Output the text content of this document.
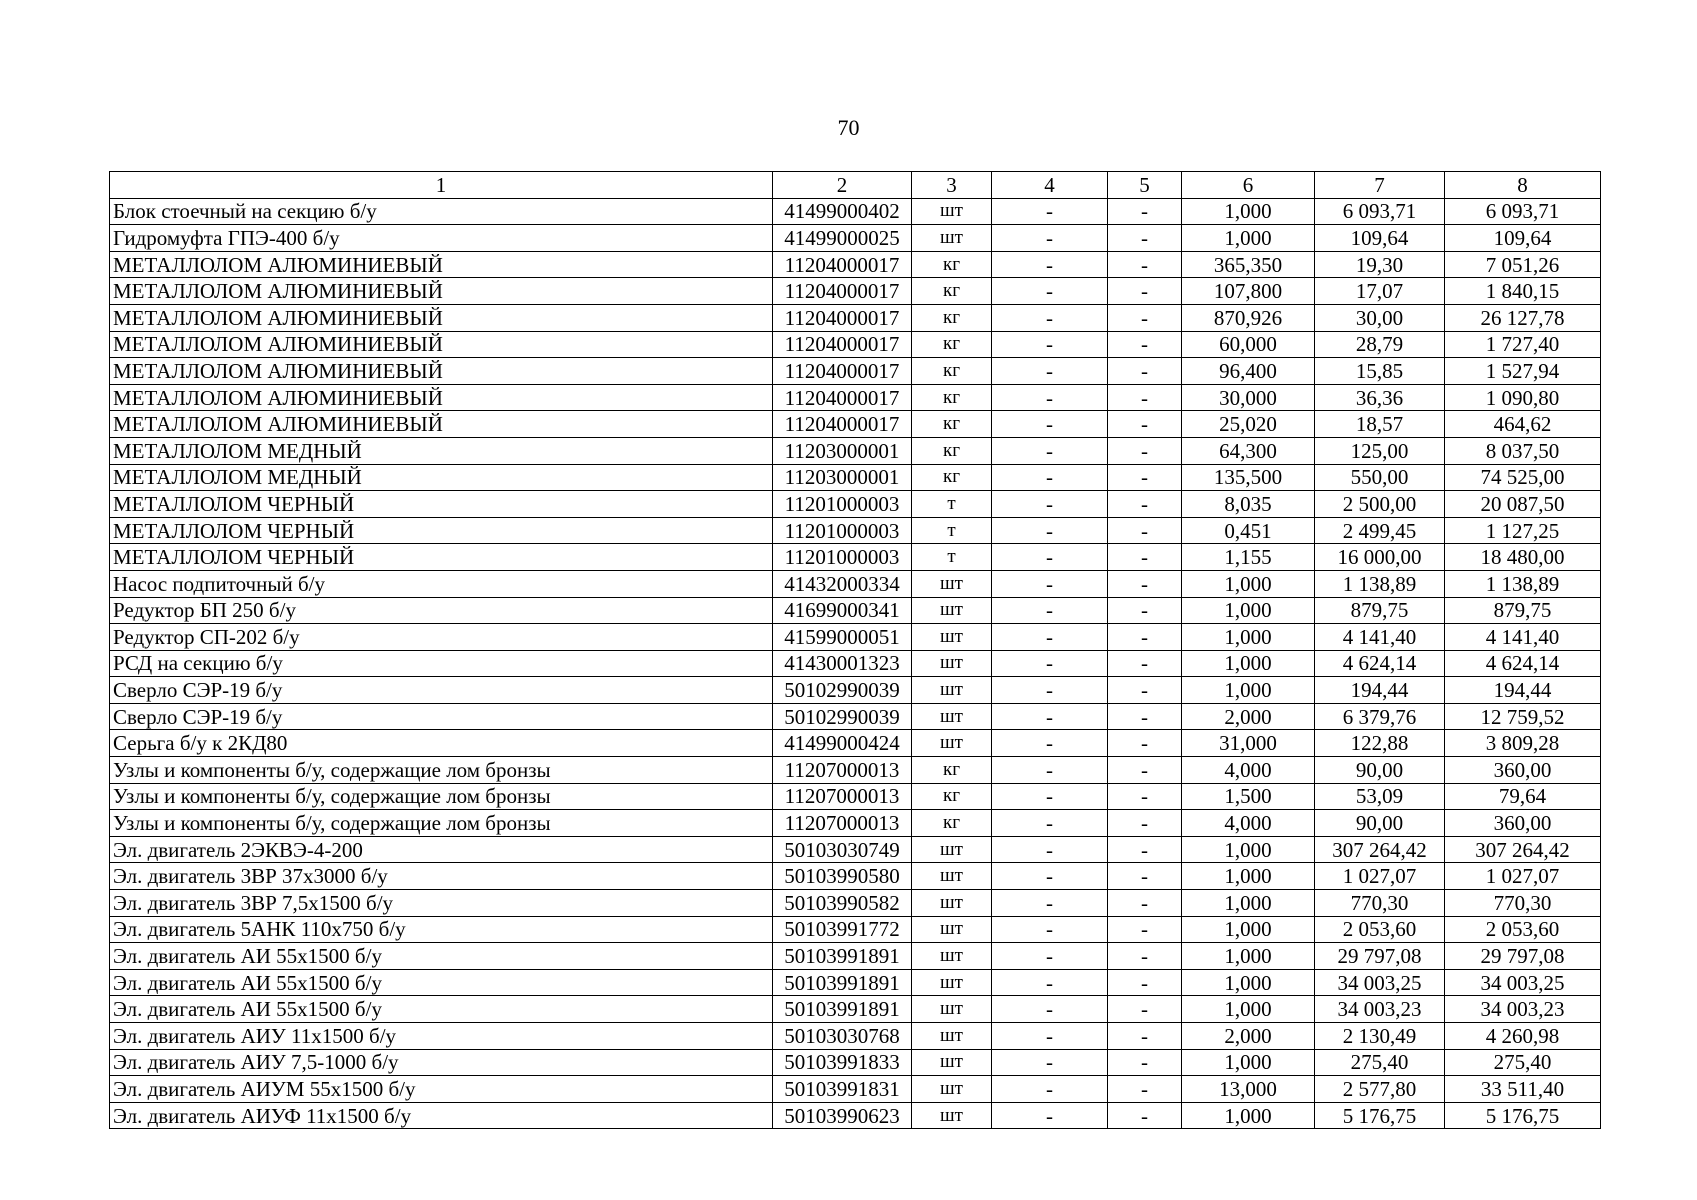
70
1	2	3	4	5	6	7	8
Блок стоечный на секцию б/у	41499000402	шт	-	-	1,000	6 093,71	6 093,71
Гидромуфта ГПЭ-400 б/у	41499000025	шт	-	-	1,000	109,64	109,64
МЕТАЛЛОЛОМ АЛЮМИНИЕВЫЙ	11204000017	кг	-	-	365,350	19,30	7 051,26
МЕТАЛЛОЛОМ АЛЮМИНИЕВЫЙ	11204000017	кг	-	-	107,800	17,07	1 840,15
МЕТАЛЛОЛОМ АЛЮМИНИЕВЫЙ	11204000017	кг	-	-	870,926	30,00	26 127,78
МЕТАЛЛОЛОМ АЛЮМИНИЕВЫЙ	11204000017	кг	-	-	60,000	28,79	1 727,40
МЕТАЛЛОЛОМ АЛЮМИНИЕВЫЙ	11204000017	кг	-	-	96,400	15,85	1 527,94
МЕТАЛЛОЛОМ АЛЮМИНИЕВЫЙ	11204000017	кг	-	-	30,000	36,36	1 090,80
МЕТАЛЛОЛОМ АЛЮМИНИЕВЫЙ	11204000017	кг	-	-	25,020	18,57	464,62
МЕТАЛЛОЛОМ МЕДНЫЙ	11203000001	кг	-	-	64,300	125,00	8 037,50
МЕТАЛЛОЛОМ МЕДНЫЙ	11203000001	кг	-	-	135,500	550,00	74 525,00
МЕТАЛЛОЛОМ ЧЕРНЫЙ	11201000003	т	-	-	8,035	2 500,00	20 087,50
МЕТАЛЛОЛОМ ЧЕРНЫЙ	11201000003	т	-	-	0,451	2 499,45	1 127,25
МЕТАЛЛОЛОМ ЧЕРНЫЙ	11201000003	т	-	-	1,155	16 000,00	18 480,00
Насос подпиточный б/у	41432000334	шт	-	-	1,000	1 138,89	1 138,89
Редуктор БП 250 б/у	41699000341	шт	-	-	1,000	879,75	879,75
Редуктор СП-202 б/у	41599000051	шт	-	-	1,000	4 141,40	4 141,40
РСД на секцию б/у	41430001323	шт	-	-	1,000	4 624,14	4 624,14
Сверло СЭР-19 б/у	50102990039	шт	-	-	1,000	194,44	194,44
Сверло СЭР-19 б/у	50102990039	шт	-	-	2,000	6 379,76	12 759,52
Серьга б/у к 2КД80	41499000424	шт	-	-	31,000	122,88	3 809,28
Узлы и компоненты б/у, содержащие лом бронзы	11207000013	кг	-	-	4,000	90,00	360,00
Узлы и компоненты б/у, содержащие лом бронзы	11207000013	кг	-	-	1,500	53,09	79,64
Узлы и компоненты б/у, содержащие лом бронзы	11207000013	кг	-	-	4,000	90,00	360,00
Эл. двигатель 2ЭКВЭ-4-200	50103030749	шт	-	-	1,000	307 264,42	307 264,42
Эл. двигатель 3ВР 37х3000 б/у	50103990580	шт	-	-	1,000	1 027,07	1 027,07
Эл. двигатель 3ВР 7,5х1500 б/у	50103990582	шт	-	-	1,000	770,30	770,30
Эл. двигатель 5АНК 110х750 б/у	50103991772	шт	-	-	1,000	2 053,60	2 053,60
Эл. двигатель АИ 55х1500 б/у	50103991891	шт	-	-	1,000	29 797,08	29 797,08
Эл. двигатель АИ 55х1500 б/у	50103991891	шт	-	-	1,000	34 003,25	34 003,25
Эл. двигатель АИ 55х1500 б/у	50103991891	шт	-	-	1,000	34 003,23	34 003,23
Эл. двигатель АИУ 11х1500 б/у	50103030768	шт	-	-	2,000	2 130,49	4 260,98
Эл. двигатель АИУ 7,5-1000 б/у	50103991833	шт	-	-	1,000	275,40	275,40
Эл. двигатель АИУМ 55х1500 б/у	50103991831	шт	-	-	13,000	2 577,80	33 511,40
Эл. двигатель АИУФ 11х1500 б/у	50103990623	шт	-	-	1,000	5 176,75	5 176,75
